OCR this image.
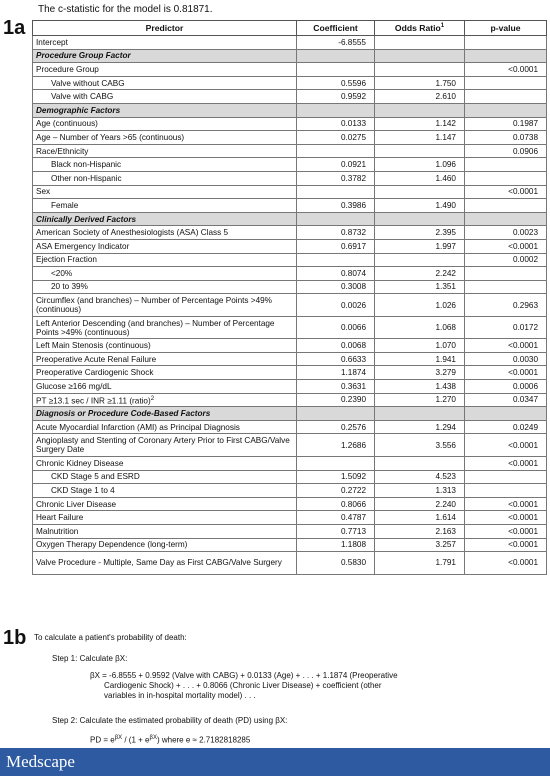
The c-statistic for the model is 0.81871.
1a	Predictor	Coefficient	Odds Ratio$^1$	p-value
Intercept	-6.8555		
Procedure Group Factor			
Procedure Group			<0.0001
Valve without CABG	0.5596	1.750	
Valve with CABG	0.9592	2.610	
Demographic Factors			
Age (continuous)	0.0133	1.142	0.1987
Age – Number of Years >65 (continuous)	0.0275	1.147	0.0738
Race/Ethnicity			0.0906
Black non-Hispanic	0.0921	1.096	
Other non-Hispanic	0.3782	1.460	
Sex			<0.0001
Female	0.3986	1.490	
Clinically Derived Factors			
American Society of Anesthesiologists (ASA) Class 5	0.8732	2.395	0.0023
ASA Emergency Indicator	0.6917	1.997	<0.0001
Ejection Fraction			0.0002
<20%	0.8074	2.242	
20 to 39%	0.3008	1.351	
Circumflex (and branches) – Number of Percentage Points >49% (continuous)	0.0026	1.026	0.2963
Left Anterior Descending (and branches) – Number of Percentage Points >49% (continuous)	0.0066	1.068	0.0172
Left Main Stenosis (continuous)	0.0068	1.070	<0.0001
Preoperative Acute Renal Failure	0.6633	1.941	0.0030
Preoperative Cardiogenic Shock	1.1874	3.279	<0.0001
Glucose ≥166 mg/dL	0.3631	1.438	0.0006
PT ≥13.1 sec / INR ≥1.11 (ratio)$^2$	0.2390	1.270	0.0347
Diagnosis or Procedure Code-Based Factors			
Acute Myocardial Infarction (AMI) as Principal Diagnosis	0.2576	1.294	0.0249
Angioplasty and Stenting of Coronary Artery Prior to First CABG/Valve Surgery Date	1.2686	3.556	<0.0001
Chronic Kidney Disease			<0.0001
CKD Stage 5 and ESRD	1.5092	4.523	
CKD Stage 1 to 4	0.2722	1.313	
Chronic Liver Disease	0.8066	2.240	<0.0001
Heart Failure	0.4787	1.614	<0.0001
Malnutrition	0.7713	2.163	<0.0001
Oxygen Therapy Dependence (long-term)	1.1808	3.257	<0.0001
Valve Procedure - Multiple, Same Day as First CABG/Valve Surgery	0.5830	1.791	<0.0001
1b To calculate a patient's probability of death:
Step 1: Calculate βX:
βX = -6.8555 + 0.9592 (Valve with CABG) + 0.0133 (Age) + . . . + 1.1874 (Preoperative
Cardiogenic Shock) + . . . + 0.8066 (Chronic Liver Disease) + coefficient (other
variables in in-hospital mortality model) . . .
Step 2: Calculate the estimated probability of death (PD) using βX:
PD = $e^{\beta X} / (1 + e^{\beta X})$ where e ≈ 2.7182818285
Medscape
